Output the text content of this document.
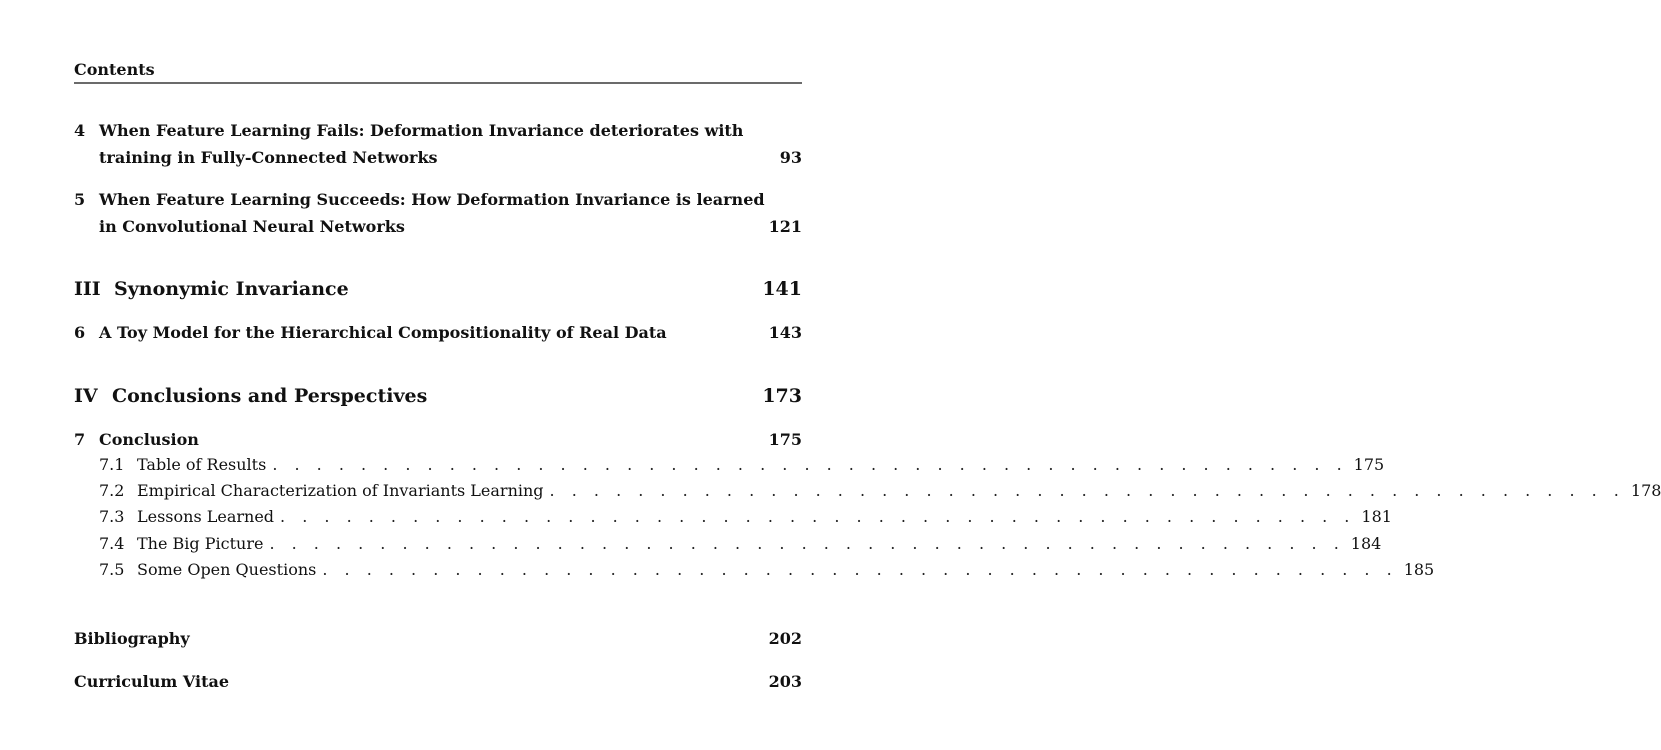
Contents
4 When Feature Learning Fails: Deformation Invariance deteriorates with training in Fully-Connected Networks	93
5 When Feature Learning Succeeds: How Deformation Invariance is learned in Convolutional Neural Networks	121
III Synonymic Invariance	141
6 A Toy Model for the Hierarchical Compositionality of Real Data	143
IV Conclusions and Perspectives	173
7 Conclusion	175
7.1 Table of Results . . . . . . . . . . . . . . . . . . . . . . . . . . . . . . . . . . . . . . . . . . . . . . . . . 175
7.2 Empirical Characterization of Invariants Learning . . . . . . . . . . . . . . . . . . . . . . . . . . . . . . . . . . . . . . . . . . . . . . . . . 178
7.3 Lessons Learned . . . . . . . . . . . . . . . . . . . . . . . . . . . . . . . . . . . . . . . . . . . . . . . . . 181
7.4 The Big Picture . . . . . . . . . . . . . . . . . . . . . . . . . . . . . . . . . . . . . . . . . . . . . . . . . 184
7.5 Some Open Questions . . . . . . . . . . . . . . . . . . . . . . . . . . . . . . . . . . . . . . . . . . . . . . . . . 185
Bibliography	202
Curriculum Vitae	203
